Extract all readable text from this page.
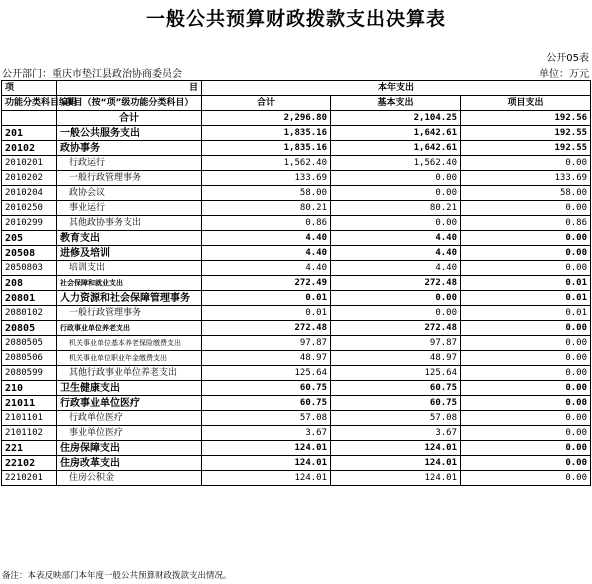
一般公共预算财政拨款支出决算表
公开05表
公开部门：重庆市垫江县政治协商委员会	单位：万元
项	目	本年支出		
功能分类科目编码	项目（按“项”级功能分类科目）	合计	基本支出	项目支出
	合计	2,296.80	2,104.25	192.56
201	一般公共服务支出	1,835.16	1,642.61	192.55
20102	政协事务	1,835.16	1,642.61	192.55
2010201	行政运行	1,562.40	1,562.40	0.00
2010202	一般行政管理事务	133.69	0.00	133.69
2010204	政协会议	58.00	0.00	58.00
2010250	事业运行	80.21	80.21	0.00
2010299	其他政协事务支出	0.86	0.00	0.86
205	教育支出	4.40	4.40	0.00
20508	进修及培训	4.40	4.40	0.00
2050803	培训支出	4.40	4.40	0.00
208	社会保障和就业支出	272.49	272.48	0.01
20801	人力资源和社会保障管理事务	0.01	0.00	0.01
2080102	一般行政管理事务	0.01	0.00	0.01
20805	行政事业单位养老支出	272.48	272.48	0.00
2080505	机关事业单位基本养老保险缴费支出	97.87	97.87	0.00
2080506	机关事业单位职业年金缴费支出	48.97	48.97	0.00
2080599	其他行政事业单位养老支出	125.64	125.64	0.00
210	卫生健康支出	60.75	60.75	0.00
21011	行政事业单位医疗	60.75	60.75	0.00
2101101	行政单位医疗	57.08	57.08	0.00
2101102	事业单位医疗	3.67	3.67	0.00
221	住房保障支出	124.01	124.01	0.00
22102	住房改革支出	124.01	124.01	0.00
2210201	住房公积金	124.01	124.01	0.00
备注：本表反映部门本年度一般公共预算财政拨款支出情况。
